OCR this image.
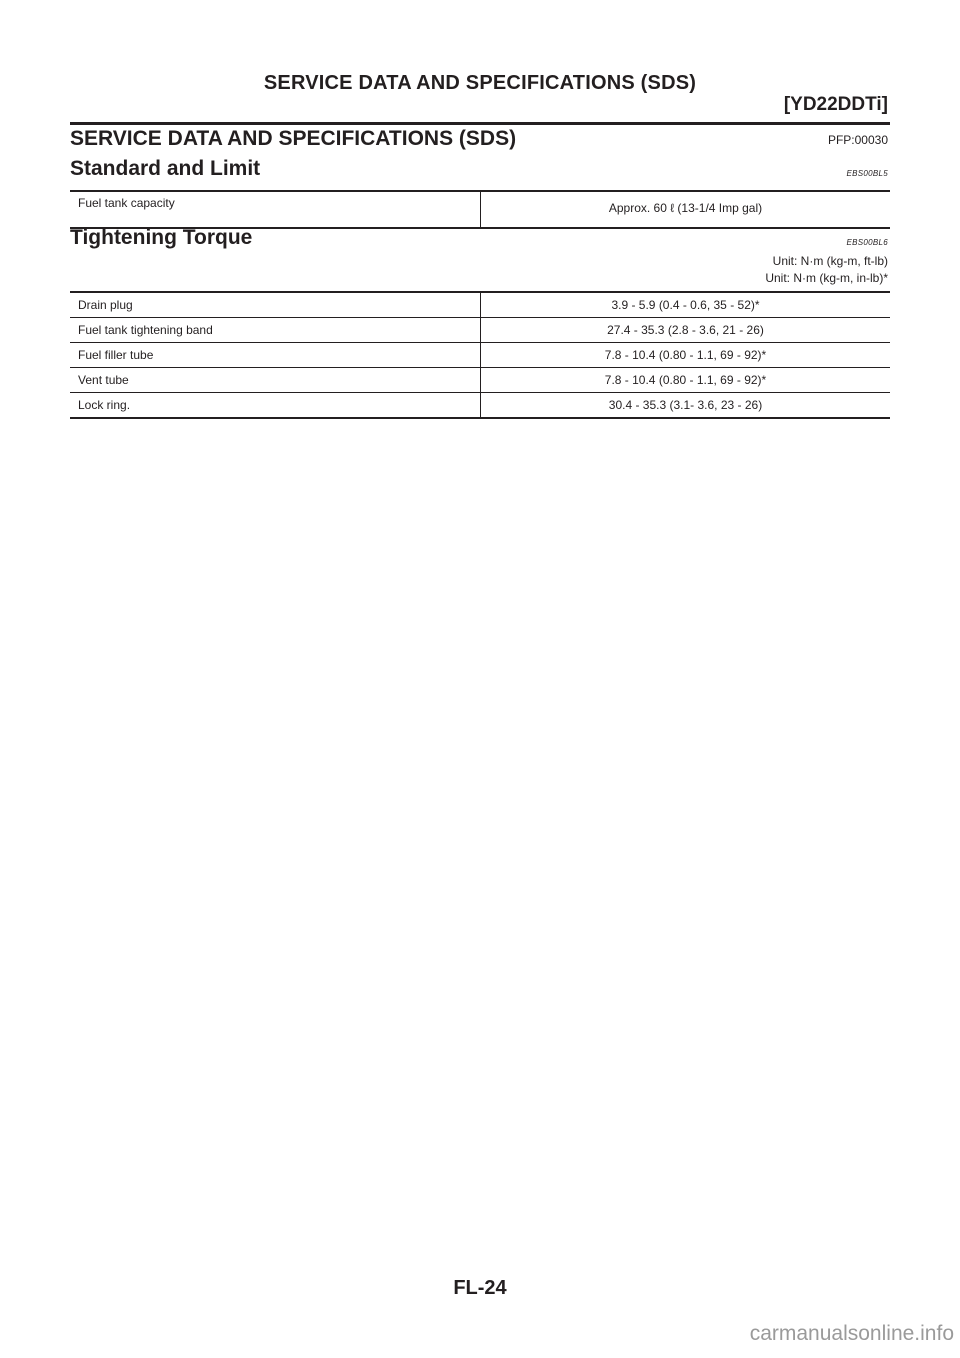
SERVICE DATA AND SPECIFICATIONS (SDS)
[YD22DDTi]
SERVICE DATA AND SPECIFICATIONS (SDS)	PFP:00030
Standard and Limit	EBS00BL5
Fuel tank capacity	Approx. 60 ℓ (13-1/4 Imp gal)
Tightening Torque	EBS00BL6
Unit: N·m (kg-m, ft-lb)
Unit: N·m (kg-m, in-lb)*
Drain plug	3.9 - 5.9 (0.4 - 0.6, 35 - 52)*
Fuel tank tightening band	27.4 - 35.3 (2.8 - 3.6, 21 - 26)
Fuel filler tube	7.8 - 10.4 (0.80 - 1.1, 69 - 92)*
Vent tube	7.8 - 10.4 (0.80 - 1.1, 69 - 92)*
Lock ring.	30.4 - 35.3 (3.1- 3.6, 23 - 26)
FL-24
carmanualsonline.info
